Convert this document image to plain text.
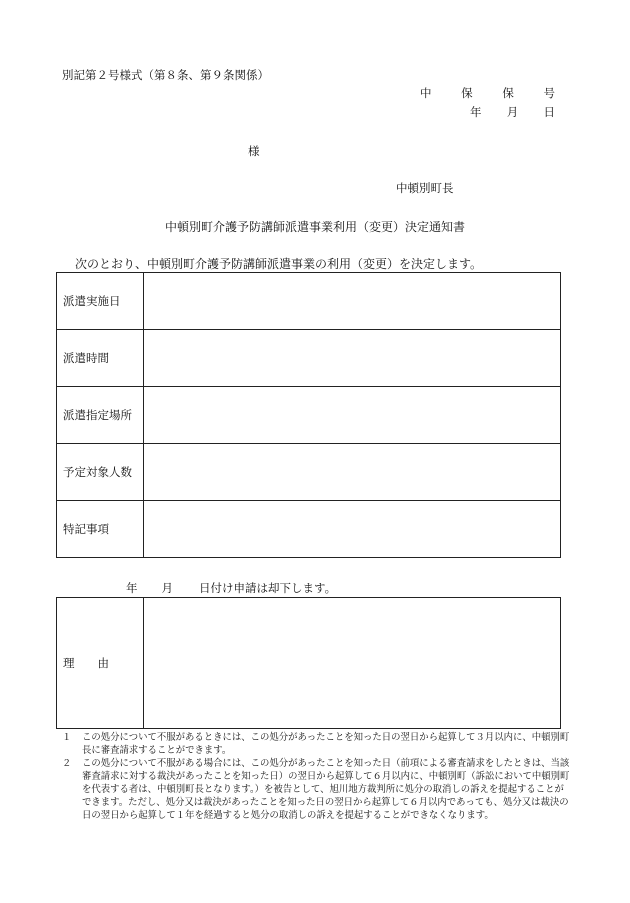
別記第２号様式（第８条、第９条関係）
中	保	保	号
年 月 日
様
中頓別町長
中頓別町介護予防講師派遣事業利用（変更）決定通知書
次のとおり、中頓別町介護予防講師派遣事業の利用（変更）を決定します。
派遣実施日	
派遣時間	
派遣指定場所	
予定対象人数	
特記事項	
年 月 日付け申請は却下します。
理　　由	
１	この処分について不服があるときには、この処分があったことを知った日の翌日から起算して３月以内に、中頓別町長に審査請求することができます。
２	この処分について不服がある場合には、この処分があったことを知った日（前項による審査請求をしたときは、当該審査請求に対する裁決があったことを知った日）の翌日から起算して６月以内に、中頓別町（訴訟において中頓別町を代表する者は、中頓別町長となります。）を被告として、旭川地方裁判所に処分の取消しの訴えを提起することができます。ただし、処分又は裁決があったことを知った日の翌日から起算して６月以内であっても、処分又は裁決の日の翌日から起算して１年を経過すると処分の取消しの訴えを提起することができなくなります。
